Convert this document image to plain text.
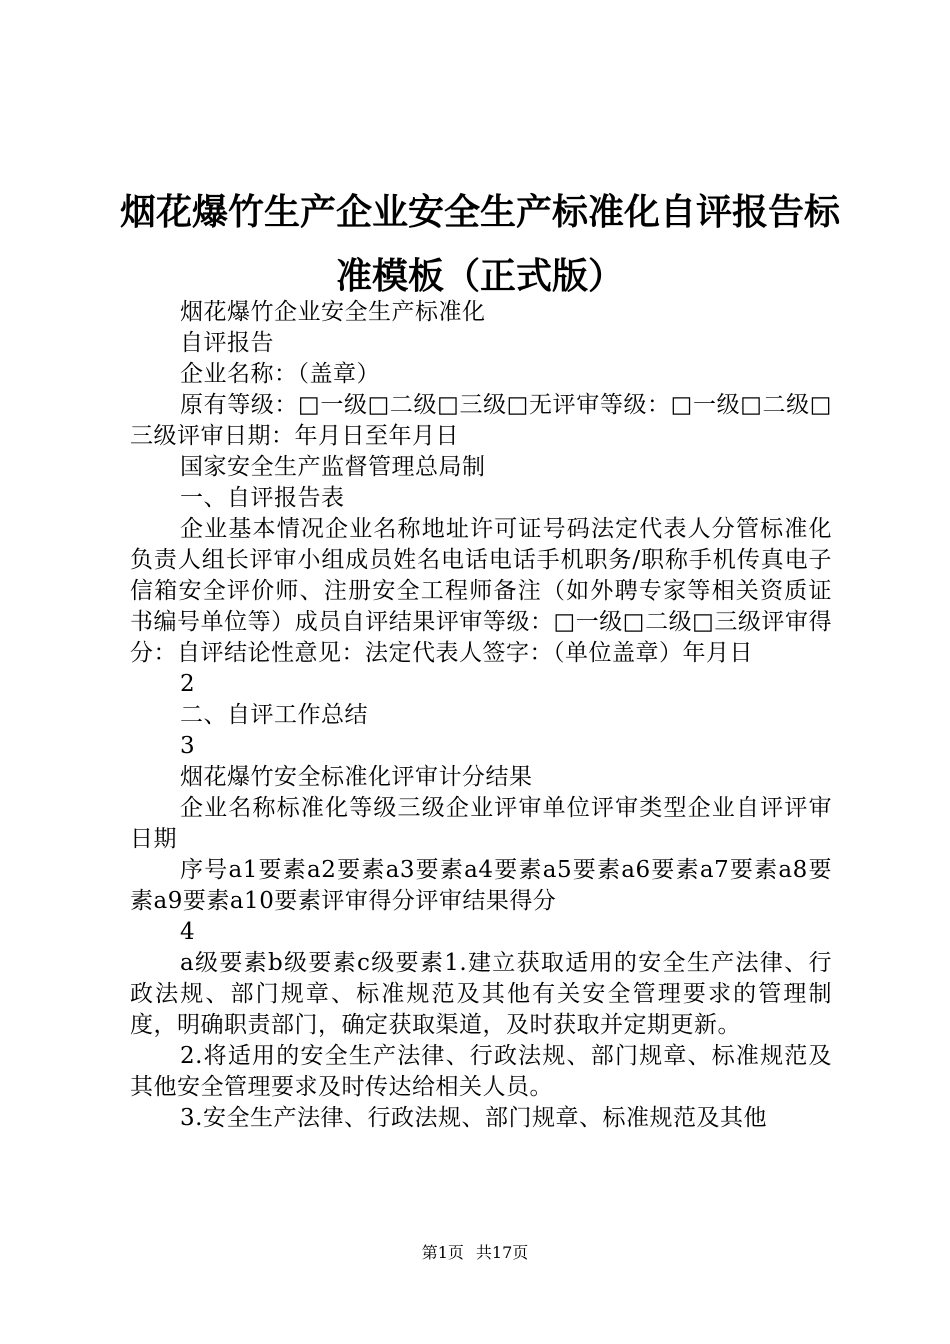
烟花爆竹生产企业安全生产标准化自评报告标准模板（正式版）

烟花爆竹企业安全生产标准化

自评报告

企业名称：（盖章）

原有等级：□一级□二级□三级□无评审等级：□一级□二级□三级评审日期：年月日至年月日

国家安全生产监督管理总局制

一、自评报告表

企业基本情况企业名称地址许可证号码法定代表人分管标准化负责人组长评审小组成员姓名电话电话手机职务/职称手机传真电子信箱安全评价师、注册安全工程师备注（如外聘专家等相关资质证书编号单位等）成员自评结果评审等级：□一级□二级□三级评审得分：自评结论性意见：法定代表人签字：（单位盖章）年月日

2

二、自评工作总结

3

烟花爆竹安全标准化评审计分结果

企业名称标准化等级三级企业评审单位评审类型企业自评评审日期

序号a1要素a2要素a3要素a4要素a5要素a6要素a7要素a8要素a9要素a10要素评审得分评审结果得分

4

a级要素b级要素c级要素1.建立获取适用的安全生产法律、行政法规、部门规章、标准规范及其他有关安全管理要求的管理制度，明确职责部门，确定获取渠道，及时获取并定期更新。

2.将适用的安全生产法律、行政法规、部门规章、标准规范及其他安全管理要求及时传达给相关人员。

3.安全生产法律、行政法规、部门规章、标准规范及其他

第1页 共17页
